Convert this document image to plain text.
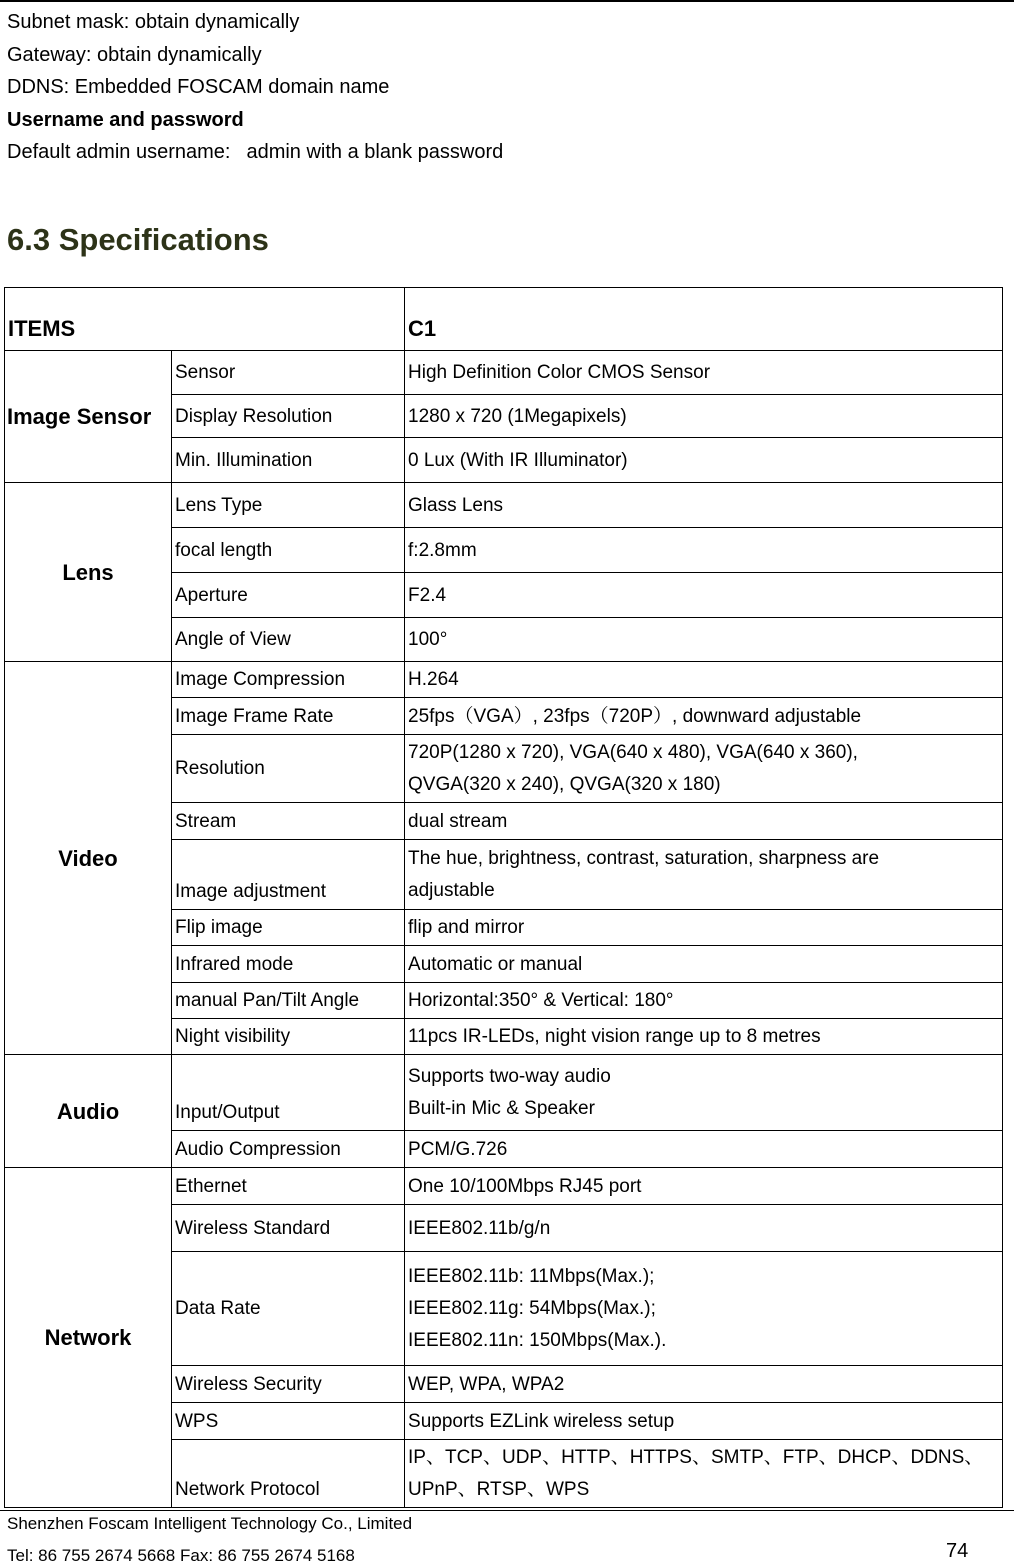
Subnet mask: obtain dynamically
Gateway: obtain dynamically
DDNS: Embedded FOSCAM domain name
Username and password
Default admin username: admin with a blank password
6.3 Specifications
ITEMS		C1
Image Sensor	Sensor	High Definition Color CMOS Sensor
	Display Resolution	1280 x 720 (1Megapixels)
	Min. Illumination	0 Lux (With IR Illuminator)
Lens	Lens Type	Glass Lens
	focal length	f:2.8mm
	Aperture	F2.4
	Angle of View	100°
Video	Image Compression	H.264
	Image Frame Rate	25fps（VGA）, 23fps（720P）, downward adjustable
	Resolution	720P(1280 x 720), VGA(640 x 480), VGA(640 x 360),
QVGA(320 x 240), QVGA(320 x 180)

	Stream	dual stream
	Image adjustment	The hue, brightness, contrast, saturation, sharpness are
adjustable

	Flip image	flip and mirror
	Infrared mode	Automatic or manual
	manual Pan/Tilt Angle	Horizontal:350° & Vertical: 180°
	Night visibility	11pcs IR-LEDs, night vision range up to 8 metres
Audio	Input/Output	Supports two-way audio
Built-in Mic & Speaker

	Audio Compression	PCM/G.726
Network	Ethernet	One 10/100Mbps RJ45 port
	Wireless Standard	IEEE802.11b/g/n
	Data Rate	IEEE802.11b: 11Mbps(Max.);
IEEE802.11g: 54Mbps(Max.);
IEEE802.11n: 150Mbps(Max.).

	Wireless Security	WEP, WPA, WPA2
	WPS	Supports EZLink wireless setup
	Network Protocol	IP、TCP、UDP、HTTP、HTTPS、SMTP、FTP、DHCP、DDNS、
UPnP、RTSP、WPS
Shenzhen Foscam Intelligent Technology Co., Limited
Tel: 86 755 2674 5668 Fax: 86 755 2674 5168	74
